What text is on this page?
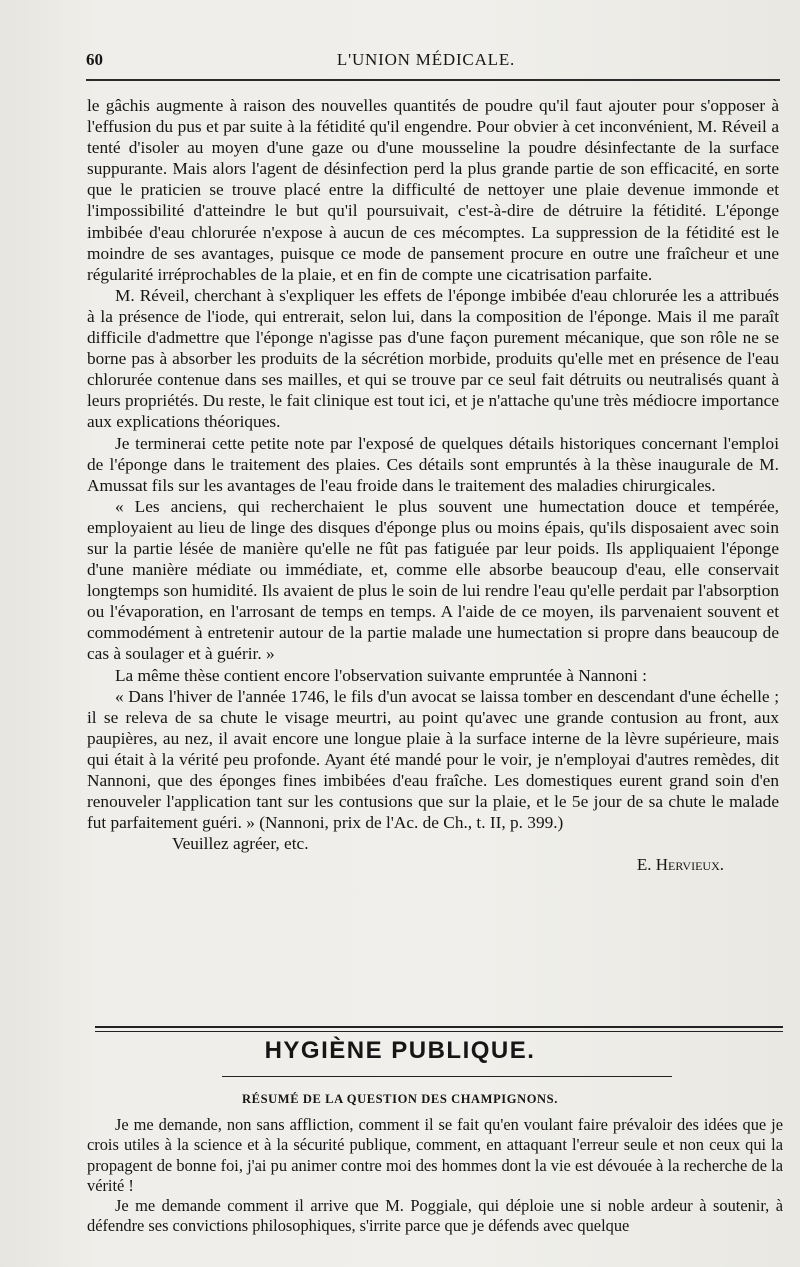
60	L'UNION MÉDICALE.

le gâchis augmente à raison des nouvelles quantités de poudre qu'il faut ajouter pour s'opposer à l'effusion du pus et par suite à la fétidité qu'il engendre. Pour obvier à cet inconvénient, M. Réveil a tenté d'isoler au moyen d'une gaze ou d'une mousseline la poudre désinfectante de la surface suppurante. Mais alors l'agent de désinfection perd la plus grande partie de son efficacité, en sorte que le praticien se trouve placé entre la difficulté de nettoyer une plaie devenue immonde et l'impossibilité d'atteindre le but qu'il poursuivait, c'est-à-dire de détruire la fétidité. L'éponge imbibée d'eau chlorurée n'expose à aucun de ces mécomptes. La suppression de la fétidité est le moindre de ses avantages, puisque ce mode de pansement procure en outre une fraîcheur et une régularité irréprochables de la plaie, et en fin de compte une cicatrisation parfaite.

M. Réveil, cherchant à s'expliquer les effets de l'éponge imbibée d'eau chlorurée les a attribués à la présence de l'iode, qui entrerait, selon lui, dans la composition de l'éponge. Mais il me paraît difficile d'admettre que l'éponge n'agisse pas d'une façon purement mécanique, que son rôle ne se borne pas à absorber les produits de la sécrétion morbide, produits qu'elle met en présence de l'eau chlorurée contenue dans ses mailles, et qui se trouve par ce seul fait détruits ou neutralisés quant à leurs propriétés. Du reste, le fait clinique est tout ici, et je n'attache qu'une très médiocre importance aux explications théoriques.

Je terminerai cette petite note par l'exposé de quelques détails historiques concernant l'emploi de l'éponge dans le traitement des plaies. Ces détails sont empruntés à la thèse inaugurale de M. Amussat fils sur les avantages de l'eau froide dans le traitement des maladies chirurgicales.

« Les anciens, qui recherchaient le plus souvent une humectation douce et tempérée, employaient au lieu de linge des disques d'éponge plus ou moins épais, qu'ils disposaient avec soin sur la partie lésée de manière qu'elle ne fût pas fatiguée par leur poids. Ils appliquaient l'éponge d'une manière médiate ou immédiate, et, comme elle absorbe beaucoup d'eau, elle conservait longtemps son humidité. Ils avaient de plus le soin de lui rendre l'eau qu'elle perdait par l'absorption ou l'évaporation, en l'arrosant de temps en temps. A l'aide de ce moyen, ils parvenaient souvent et commodément à entretenir autour de la partie malade une humectation si propre dans beaucoup de cas à soulager et à guérir. »

La même thèse contient encore l'observation suivante empruntée à Nannoni :

« Dans l'hiver de l'année 1746, le fils d'un avocat se laissa tomber en descendant d'une échelle ; il se releva de sa chute le visage meurtri, au point qu'avec une grande contusion au front, aux paupières, au nez, il avait encore une longue plaie à la surface interne de la lèvre supérieure, mais qui était à la vérité peu profonde. Ayant été mandé pour le voir, je n'employai d'autres remèdes, dit Nannoni, que des éponges fines imbibées d'eau fraîche. Les domestiques eurent grand soin d'en renouveler l'application tant sur les contusions que sur la plaie, et le 5e jour de sa chute le malade fut parfaitement guéri. » (Nannoni, prix de l'Ac. de Ch., t. II, p. 399.)

Veuillez agréer, etc.

E. Hervieux.

HYGIÈNE PUBLIQUE.
RÉSUMÉ DE LA QUESTION DES CHAMPIGNONS.

Je me demande, non sans affliction, comment il se fait qu'en voulant faire prévaloir des idées que je crois utiles à la science et à la sécurité publique, comment, en attaquant l'erreur seule et non ceux qui la propagent de bonne foi, j'ai pu animer contre moi des hommes dont la vie est dévouée à la recherche de la vérité !

Je me demande comment il arrive que M. Poggiale, qui déploie une si noble ardeur à soutenir, à défendre ses convictions philosophiques, s'irrite parce que je défends avec quelque
